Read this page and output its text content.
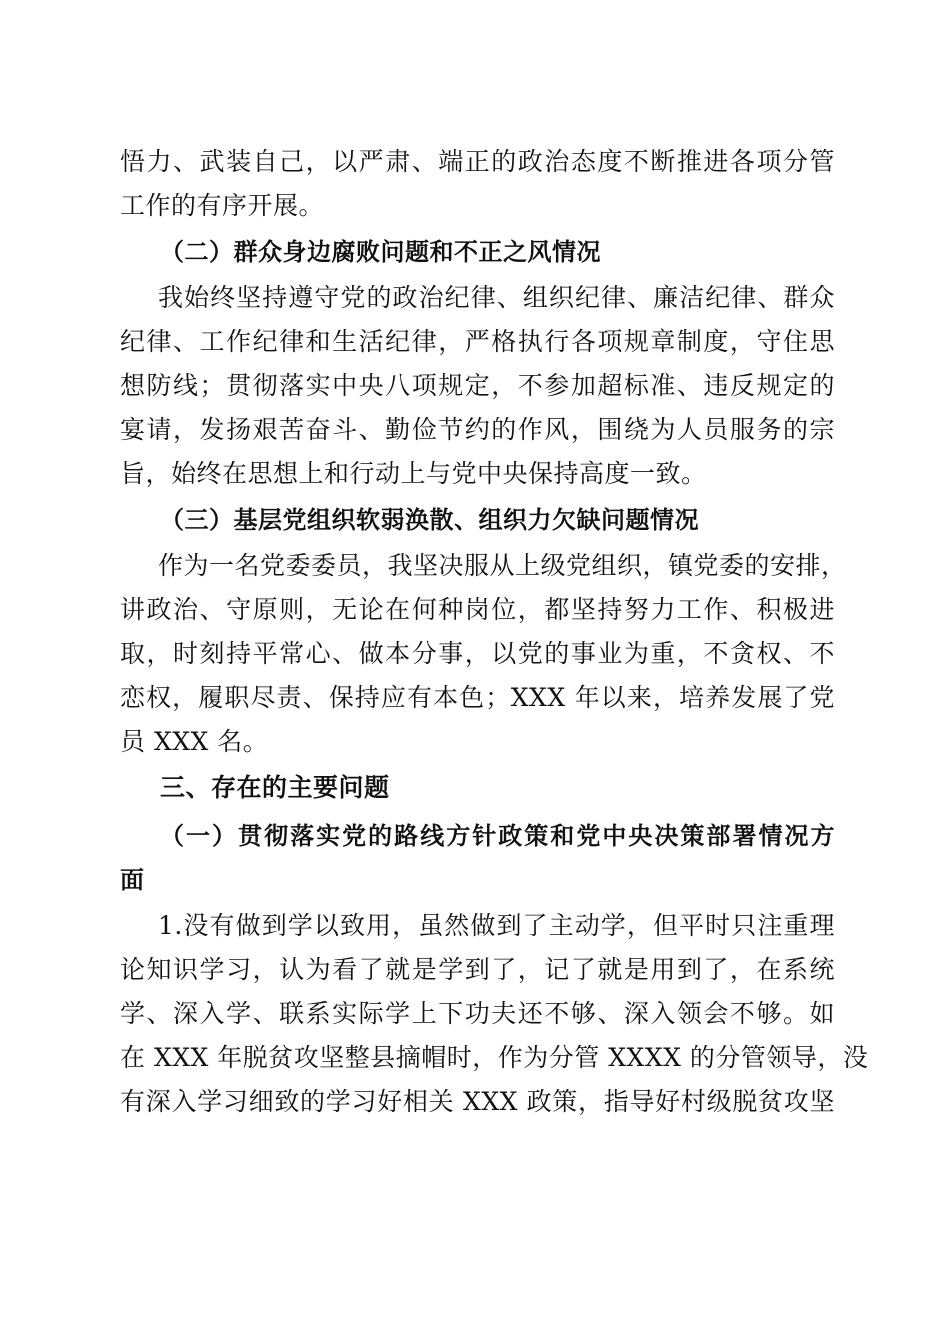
悟力、武装自己，以严肃、端正的政治态度不断推进各项分管
工作的有序开展。
（二）群众身边腐败问题和不正之风情况
我始终坚持遵守党的政治纪律、组织纪律、廉洁纪律、群众
纪律、工作纪律和生活纪律，严格执行各项规章制度，守住思
想防线；贯彻落实中央八项规定，不参加超标准、违反规定的
宴请，发扬艰苦奋斗、勤俭节约的作风，围绕为人员服务的宗
旨，始终在思想上和行动上与党中央保持高度一致。
（三）基层党组织软弱涣散、组织力欠缺问题情况
作为一名党委委员，我坚决服从上级党组织，镇党委的安排，
讲政治、守原则，无论在何种岗位，都坚持努力工作、积极进
取，时刻持平常心、做本分事，以党的事业为重，不贪权、不
恋权，履职尽责、保持应有本色；XXX 年以来，培养发展了党
员 XXX 名。
三、存在的主要问题
（一）贯彻落实党的路线方针政策和党中央决策部署情况方
面
1.没有做到学以致用，虽然做到了主动学，但平时只注重理
论知识学习，认为看了就是学到了，记了就是用到了，在系统
学、深入学、联系实际学上下功夫还不够、深入领会不够。如
在 XXX 年脱贫攻坚整县摘帽时，作为分管 XXXX 的分管领导，没
有深入学习细致的学习好相关 XXX 政策，指导好村级脱贫攻坚
